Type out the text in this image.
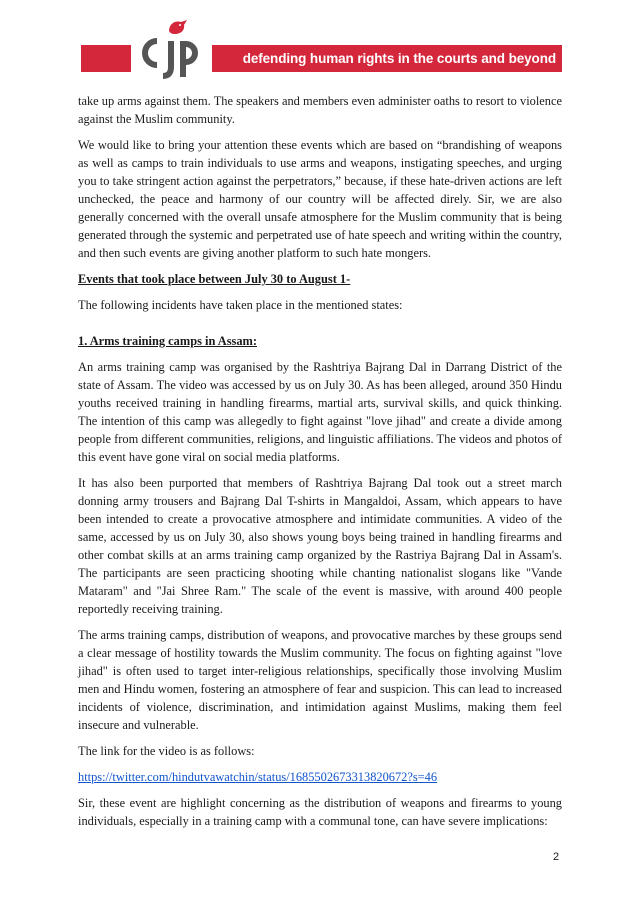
cjp
defending human rights in the courts and beyond

take up arms against them. The speakers and members even administer oaths to resort to violence against the Muslim community.

We would like to bring your attention these events which are based on “brandishing of weapons as well as camps to train individuals to use arms and weapons, instigating speeches, and urging you to take stringent action against the perpetrators,” because, if these hate-driven actions are left unchecked, the peace and harmony of our country will be affected direly. Sir, we are also generally concerned with the overall unsafe atmosphere for the Muslim community that is being generated through the systemic and perpetrated use of hate speech and writing within the country, and then such events are giving another platform to such hate mongers.

Events that took place between July 30 to August 1-

The following incidents have taken place in the mentioned states:

1. Arms training camps in Assam:

An arms training camp was organised by the Rashtriya Bajrang Dal in Darrang District of the state of Assam. The video was accessed by us on July 30. As has been alleged, around 350 Hindu youths received training in handling firearms, martial arts, survival skills, and quick thinking. The intention of this camp was allegedly to fight against "love jihad" and create a divide among people from different communities, religions, and linguistic affiliations. The videos and photos of this event have gone viral on social media platforms.

It has also been purported that members of Rashtriya Bajrang Dal took out a street march donning army trousers and Bajrang Dal T-shirts in Mangaldoi, Assam, which appears to have been intended to create a provocative atmosphere and intimidate communities. A video of the same, accessed by us on July 30, also shows young boys being trained in handling firearms and other combat skills at an arms training camp organized by the Rastriya Bajrang Dal in Assam's. The participants are seen practicing shooting while chanting nationalist slogans like "Vande Mataram" and "Jai Shree Ram." The scale of the event is massive, with around 400 people reportedly receiving training.

The arms training camps, distribution of weapons, and provocative marches by these groups send a clear message of hostility towards the Muslim community. The focus on fighting against "love jihad" is often used to target inter-religious relationships, specifically those involving Muslim men and Hindu women, fostering an atmosphere of fear and suspicion. This can lead to increased incidents of violence, discrimination, and intimidation against Muslims, making them feel insecure and vulnerable.

The link for the video is as follows:

https://twitter.com/hindutvawatchin/status/1685502673313820672?s=46

Sir, these event are highlight concerning as the distribution of weapons and firearms to young individuals, especially in a training camp with a communal tone, can have severe implications:

2
